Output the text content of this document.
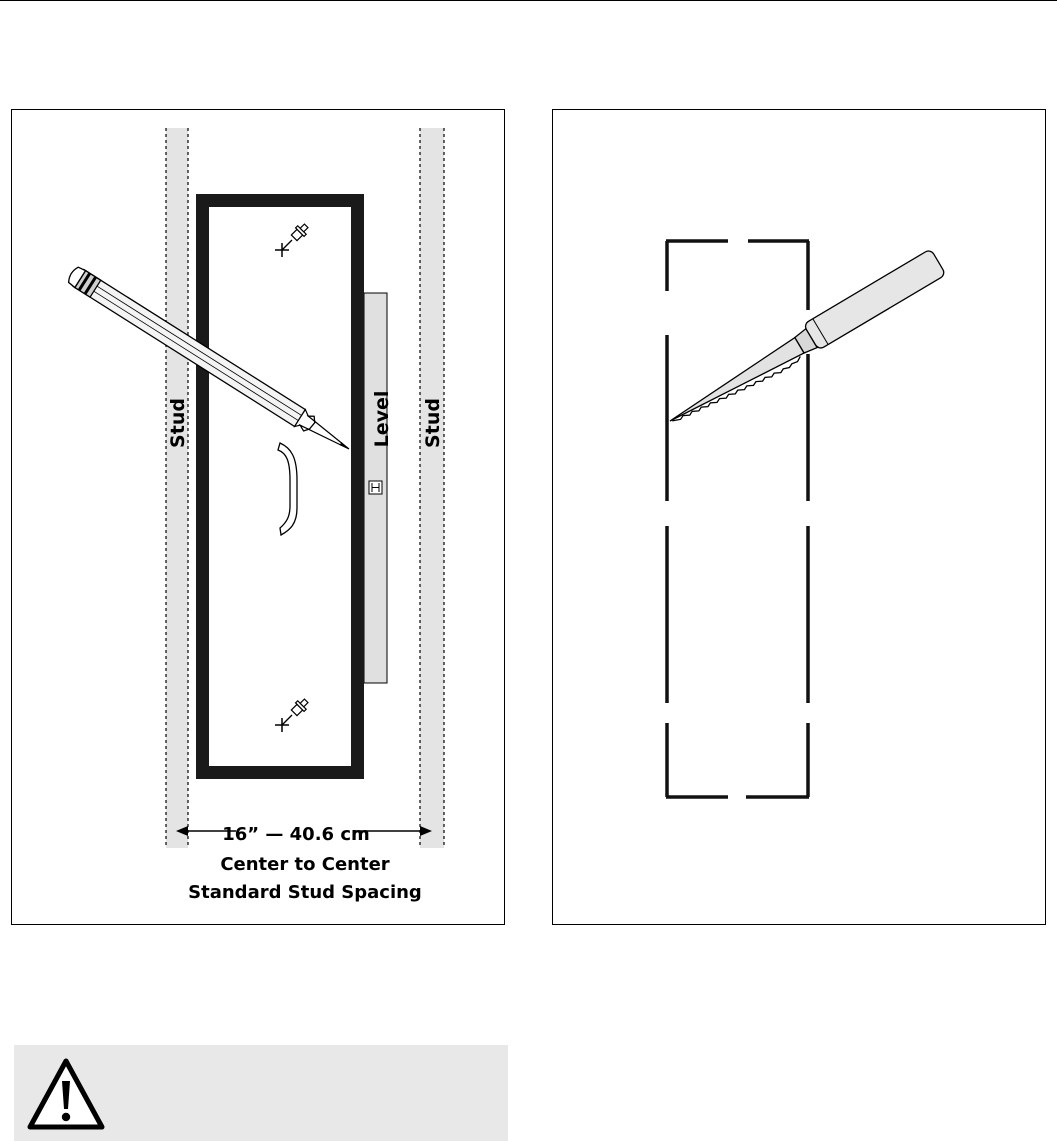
Stud	Stud
Level
16” — 40.6 cm
Center to Center
Standard Stud Spacing
